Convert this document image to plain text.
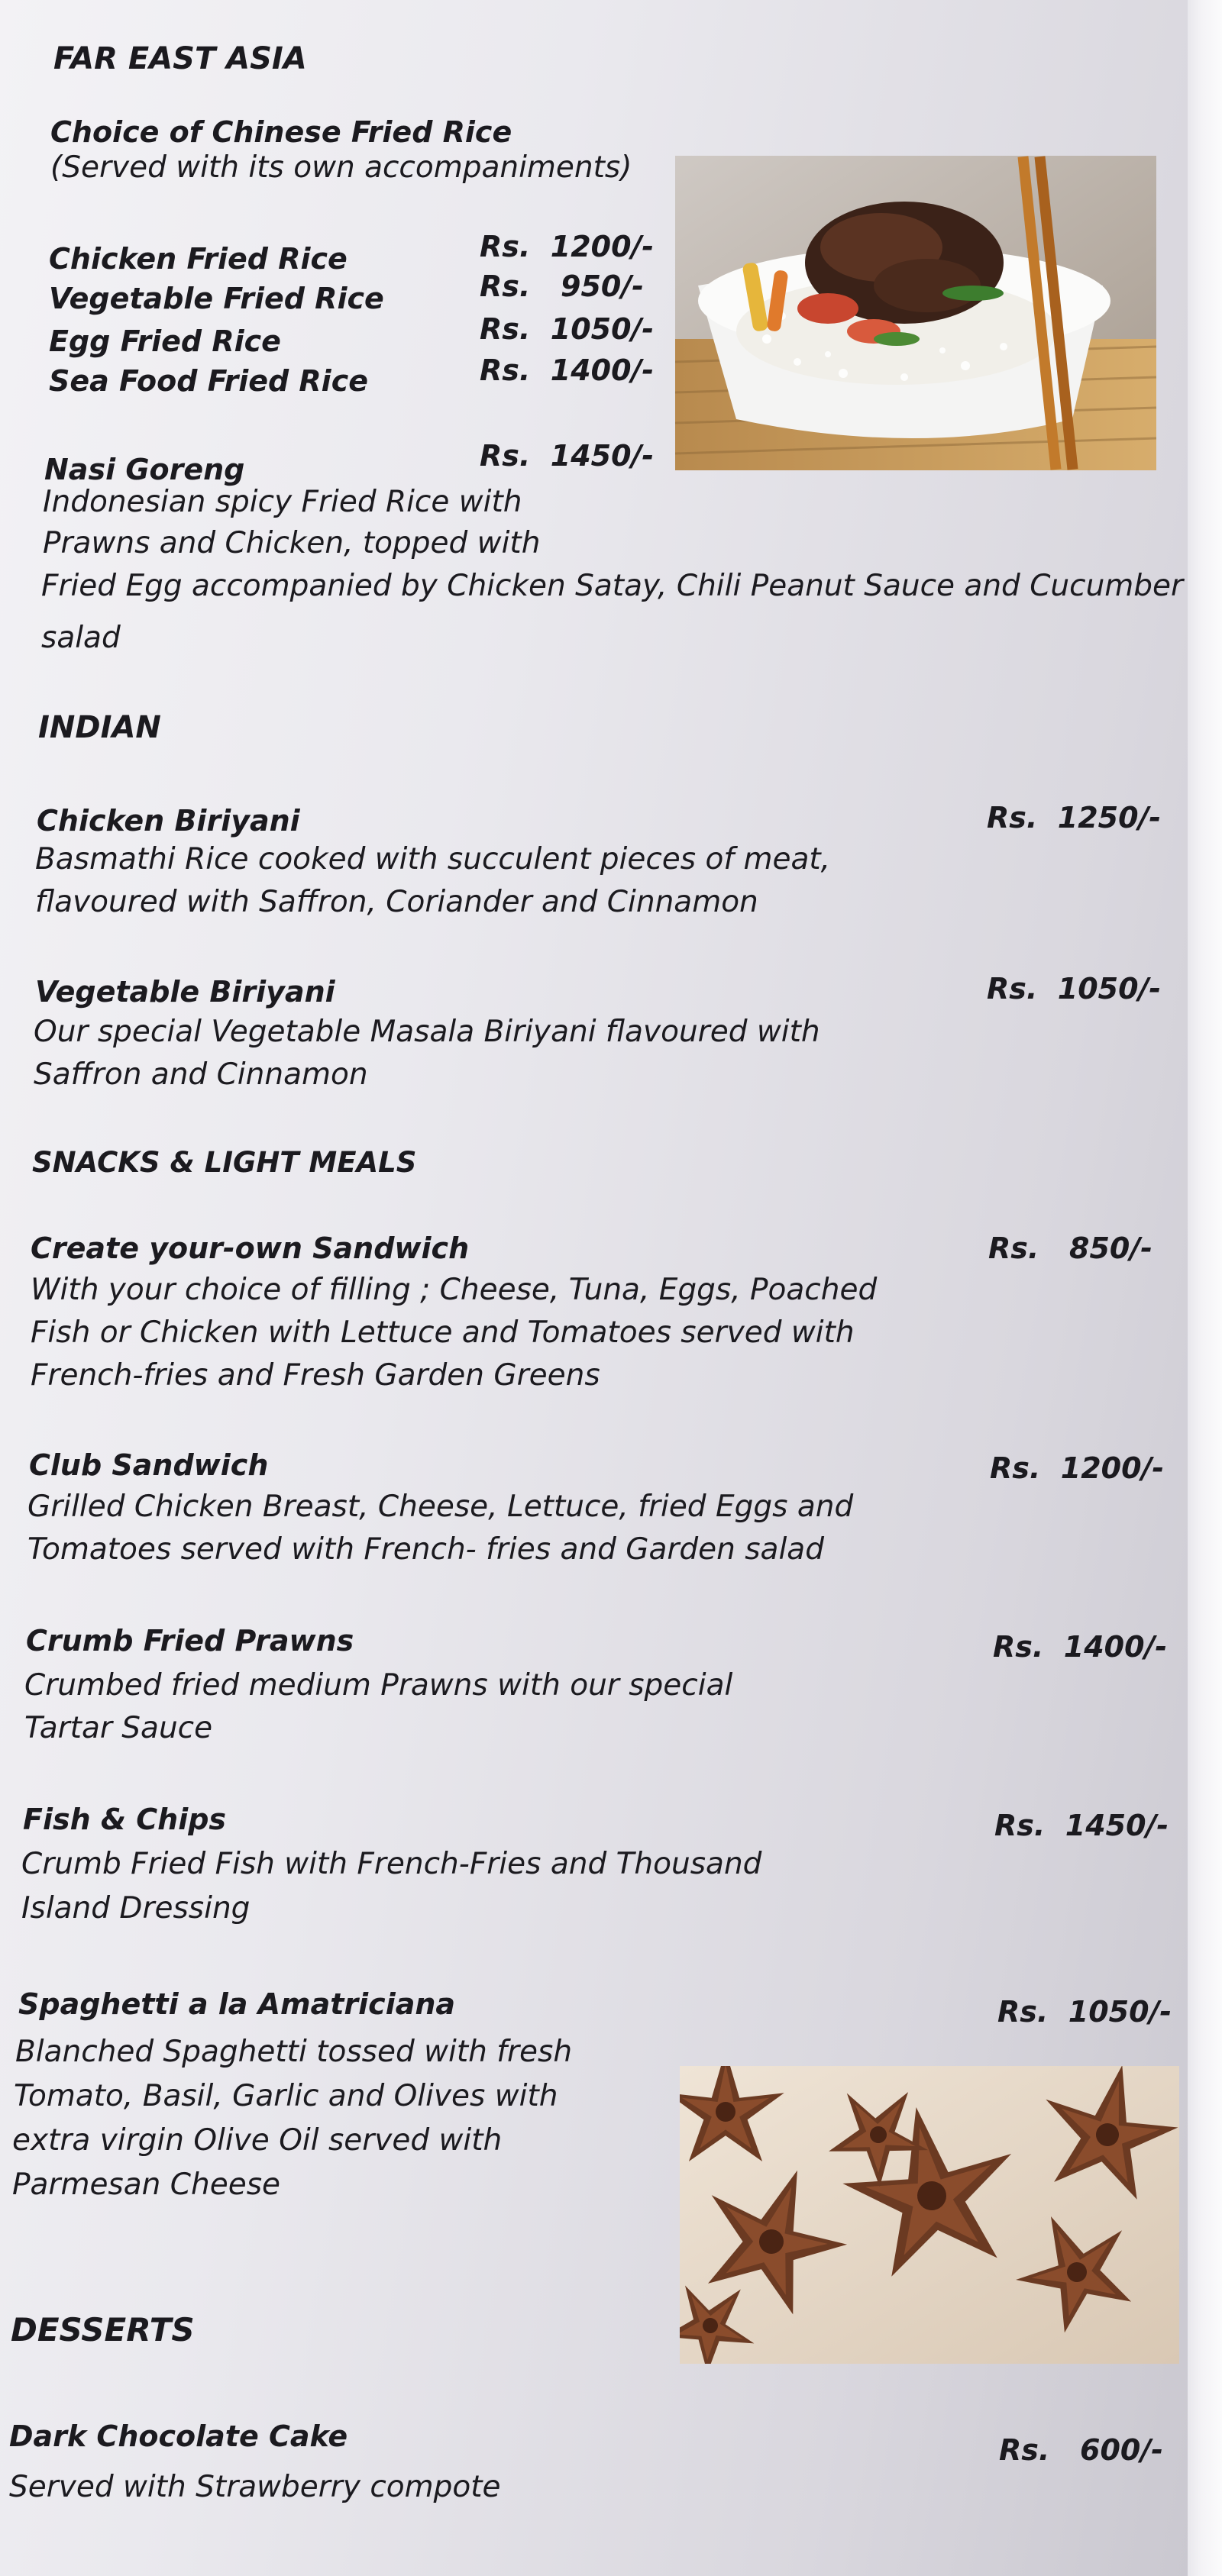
FAR EAST ASIA
Choice of Chinese Fried Rice
(Served with its own accompaniments)
Chicken Fried Rice	Rs.  1200/-
Vegetable Fried Rice	Rs.   950/-
Egg Fried Rice	Rs.  1050/-
Sea Food Fried Rice	Rs.  1400/-
Nasi Goreng	Rs.  1450/-
Indonesian spicy Fried Rice with
Prawns and Chicken, topped with
Fried Egg accompanied by Chicken Satay, Chili Peanut Sauce and Cucumber
salad
INDIAN
Chicken Biriyani	Rs.  1250/-
Basmathi Rice cooked with succulent pieces of meat,
flavoured with Saffron, Coriander and Cinnamon
Vegetable Biriyani	Rs.  1050/-
Our special Vegetable Masala Biriyani flavoured with
Saffron and Cinnamon
SNACKS & LIGHT MEALS
Create your-own Sandwich	Rs.   850/-
With your choice of filling ; Cheese, Tuna, Eggs, Poached
Fish or Chicken with Lettuce and Tomatoes served with
French-fries and Fresh Garden Greens
Club Sandwich	Rs.  1200/-
Grilled Chicken Breast, Cheese, Lettuce, fried Eggs and
Tomatoes served with French- fries and Garden salad
Crumb Fried Prawns	Rs.  1400/-
Crumbed fried medium Prawns with our special
Tartar Sauce
Fish & Chips	Rs.  1450/-
Crumb Fried Fish with French-Fries and Thousand
Island Dressing
Spaghetti a la Amatriciana	Rs.  1050/-
Blanched Spaghetti tossed with fresh
Tomato, Basil, Garlic and Olives with
extra virgin Olive Oil served with
Parmesan Cheese
DESSERTS
Dark Chocolate Cake	Rs.   600/-
Served with Strawberry compote
